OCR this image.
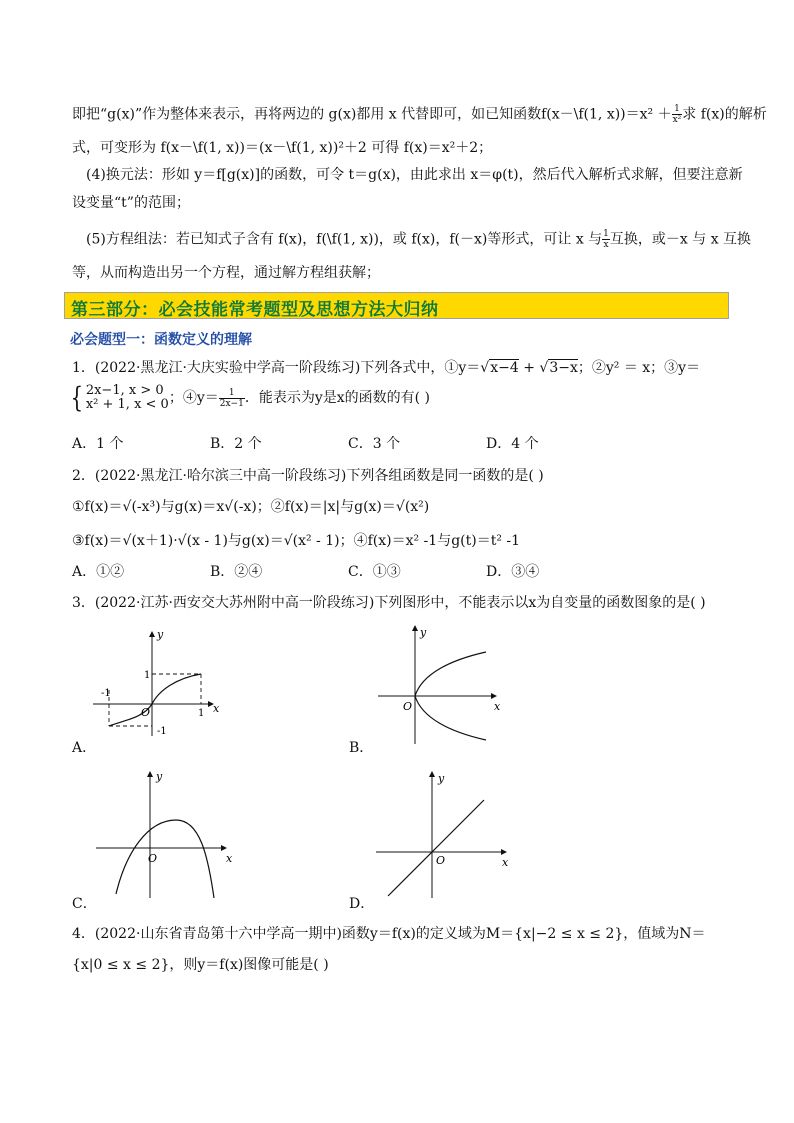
即把“g(x)”作为整体来表示，再将两边的 g(x)都用 x 代替即可，如已知函数f(x－\f(1, $x))=x^2 + \frac{1}{\text{x²}}$ 求 f(x)的解析
式，可变形为 f(x－\f(1, x))＝(x－\f(1, x))²＋2 可得 f(x)＝x²＋2；
(4)换元法：形如 y＝f[g(x)]的函数，可令 t＝g(x)，由此求出 x＝φ(t)，然后代入解析式求解，但要注意新
设变量“t”的范围；
(5)方程组法：若已知式子含有 f(x)，f(\f(1, x))，或 f(x)，f(－x)等形式，可让 x 与 $\frac{1}{x}$ 互换，或－x 与 x 互换
等，从而构造出另一个方程，通过解方程组获解；
第三部分：必会技能常考题型及思想方法大归纳
必会题型一：函数定义的理解
1．(2022·黑龙江·大庆实验中学高一阶段练习)下列各式中，①y＝√x−4 + √3−x；②y² ＝ x；③y＝
{ 2x−1, x > 0
x² + 1, x < 0 ；④y＝ $\frac{1}{2x-1}$ ．能表示为y是x的函数的有( )
A．1 个	B．2 个	C．3 个	D．4 个
2．(2022·黑龙江·哈尔滨三中高一阶段练习)下列各组函数是同一函数的是( )
①f(x)＝√(-x³)与g(x)＝x√(-x)；②f(x)＝|x|与g(x)＝√(x²)
③f(x)＝√(x＋1)·√(x - 1)与g(x)＝√(x² - 1)；④f(x)＝x² -1与g(t)＝t² -1
A．①②	B．②④	C．①③	D．③④
3．(2022·江苏·西安交大苏州附中高一阶段练习)下列图形中，不能表示以x为自变量的函数图象的是( )
-1
1
1
-1
O	x
y
A．
O	x
y
B．
O	x
y
C．
O	x
y
D．
4．(2022·山东省青岛第十六中学高一期中)函数y＝f(x)的定义域为M＝{x|−2 ≤ x ≤ 2}，值域为N＝
{x|0 ≤ x ≤ 2}，则y＝f(x)图像可能是( )
